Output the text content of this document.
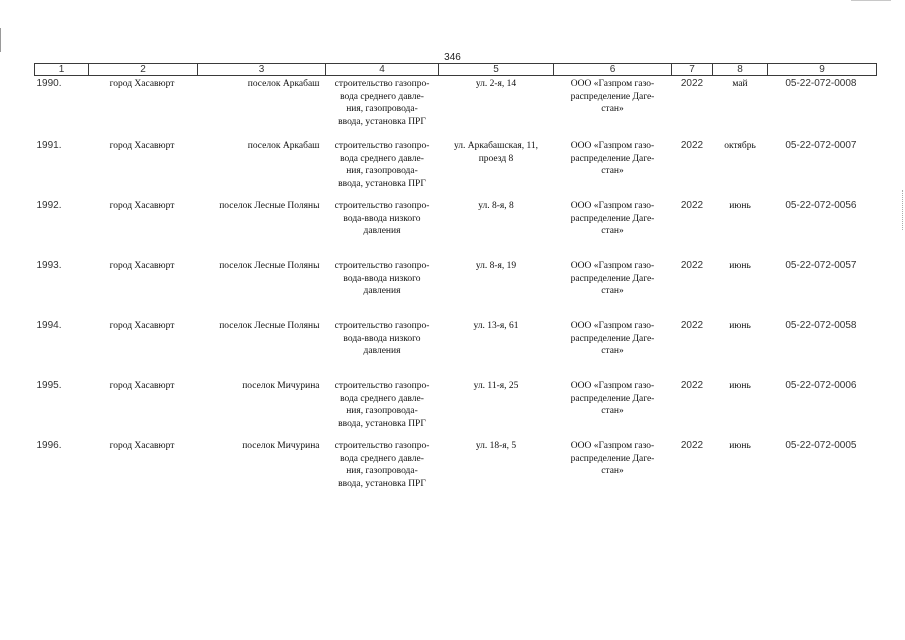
346
1	2	3	4	5	6	7	8	9
1990.	город Хасавюрт	поселок Аркабаш	строительство газопро-
вода среднего давле-
ния, газопровода-
ввода, установка ПРГ	ул. 2-я, 14	ООО «Газпром газо-
распределение Даге-
стан»	2022	май	05-22-072-0008
1991.	город Хасавюрт	поселок Аркабаш	строительство газопро-
вода среднего давле-
ния, газопровода-
ввода, установка ПРГ	ул. Аркабашская, 11,
проезд 8	ООО «Газпром газо-
распределение Даге-
стан»	2022	октябрь	05-22-072-0007
1992.	город Хасавюрт	поселок Лесные Поляны	строительство газопро-
вода-ввода низкого
давления	ул. 8-я, 8	ООО «Газпром газо-
распределение Даге-
стан»	2022	июнь	05-22-072-0056
1993.	город Хасавюрт	поселок Лесные Поляны	строительство газопро-
вода-ввода низкого
давления	ул. 8-я, 19	ООО «Газпром газо-
распределение Даге-
стан»	2022	июнь	05-22-072-0057
1994.	город Хасавюрт	поселок Лесные Поляны	строительство газопро-
вода-ввода низкого
давления	ул. 13-я, 61	ООО «Газпром газо-
распределение Даге-
стан»	2022	июнь	05-22-072-0058
1995.	город Хасавюрт	поселок Мичурина	строительство газопро-
вода среднего давле-
ния, газопровода-
ввода, установка ПРГ	ул. 11-я, 25	ООО «Газпром газо-
распределение Даге-
стан»	2022	июнь	05-22-072-0006
1996.	город Хасавюрт	поселок Мичурина	строительство газопро-
вода среднего давле-
ния, газопровода-
ввода, установка ПРГ	ул. 18-я, 5	ООО «Газпром газо-
распределение Даге-
стан»	2022	июнь	05-22-072-0005
